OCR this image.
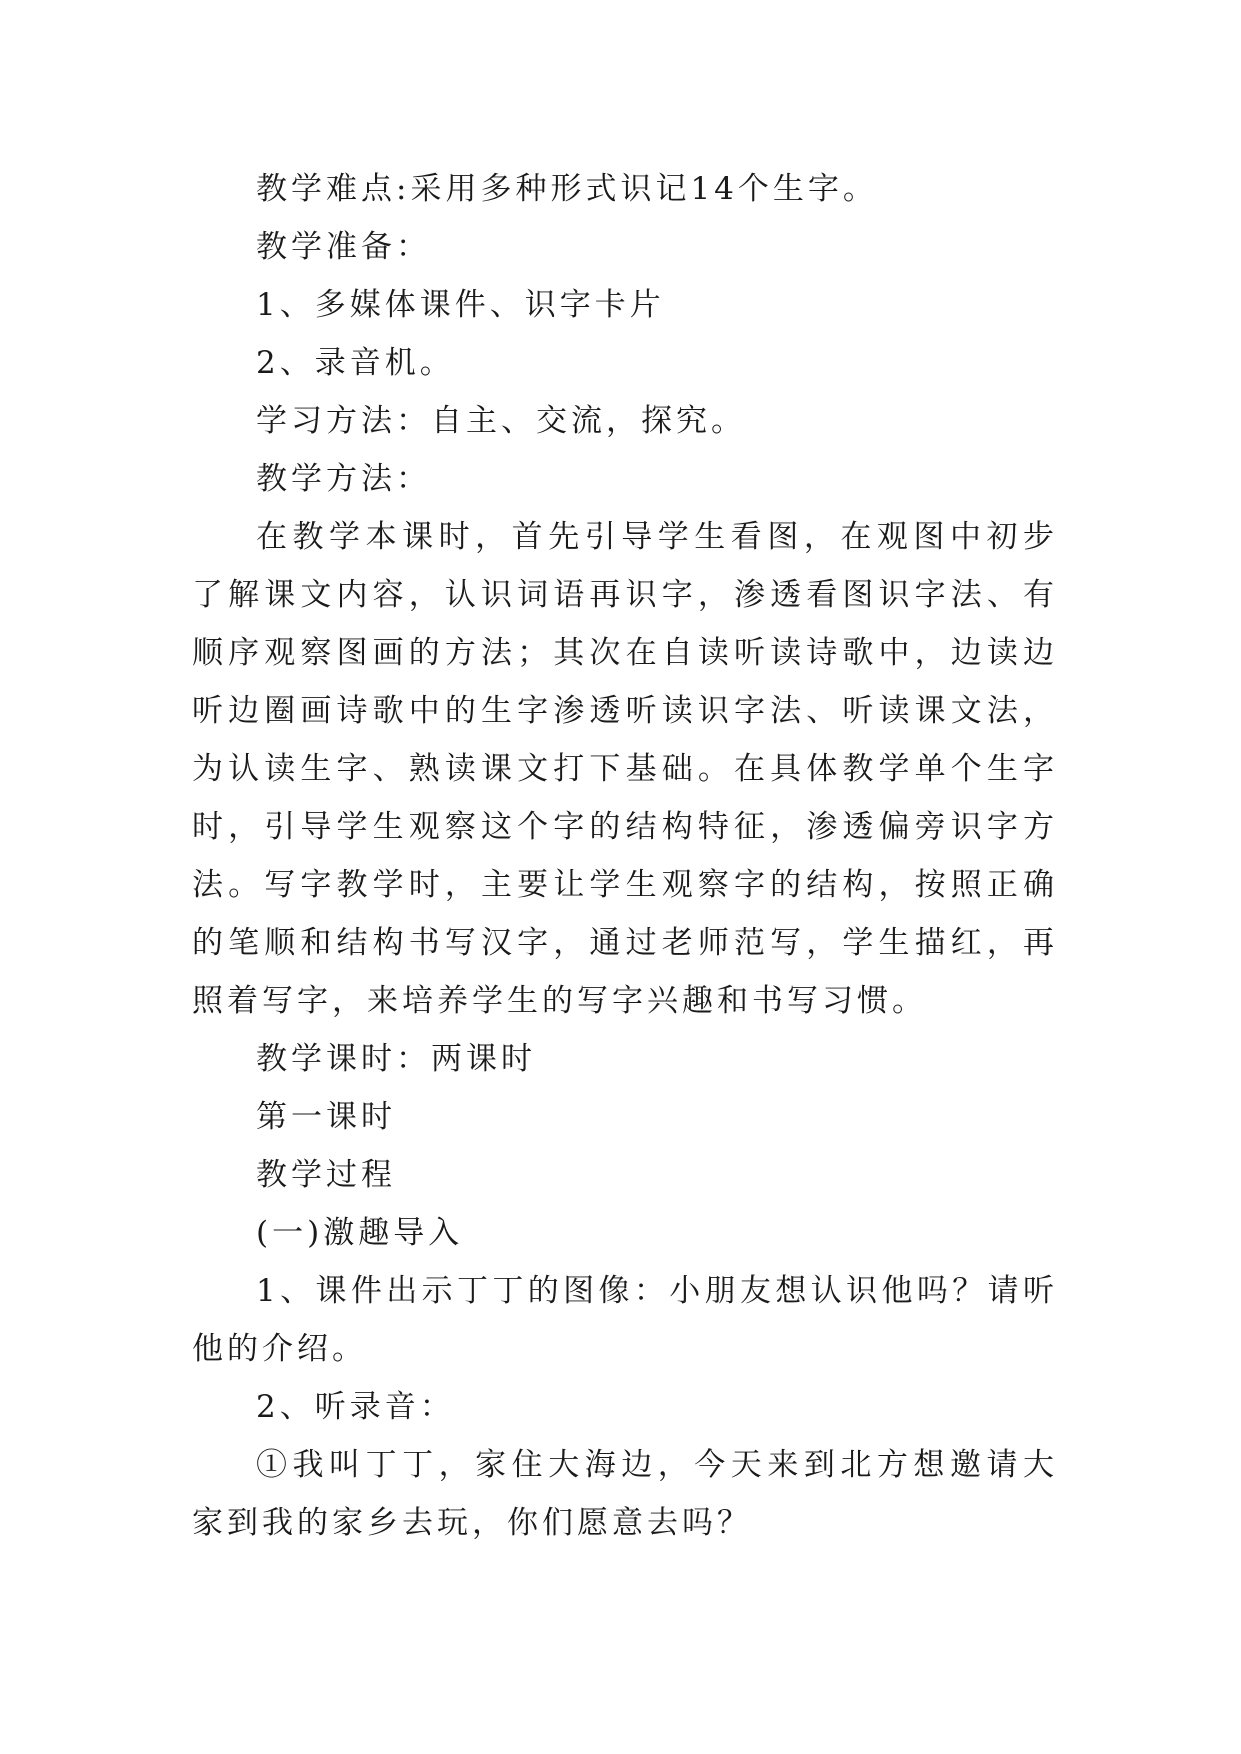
教学难点:采用多种形式识记14个生字。

教学准备：

1、多媒体课件、识字卡片

2、录音机。

学习方法：自主、交流，探究。

教学方法：

在教学本课时，首先引导学生看图，在观图中初步了解课文内容，认识词语再识字，渗透看图识字法、有顺序观察图画的方法；其次在自读听读诗歌中，边读边听边圈画诗歌中的生字渗透听读识字法、听读课文法，为认读生字、熟读课文打下基础。在具体教学单个生字时，引导学生观察这个字的结构特征，渗透偏旁识字方法。写字教学时，主要让学生观察字的结构，按照正确的笔顺和结构书写汉字，通过老师范写，学生描红，再照着写字，来培养学生的写字兴趣和书写习惯。

教学课时：两课时

第一课时

教学过程

(一)激趣导入

1、课件出示丁丁的图像：小朋友想认识他吗？请听他的介绍。

2、听录音：

①我叫丁丁，家住大海边，今天来到北方想邀请大家到我的家乡去玩，你们愿意去吗？
